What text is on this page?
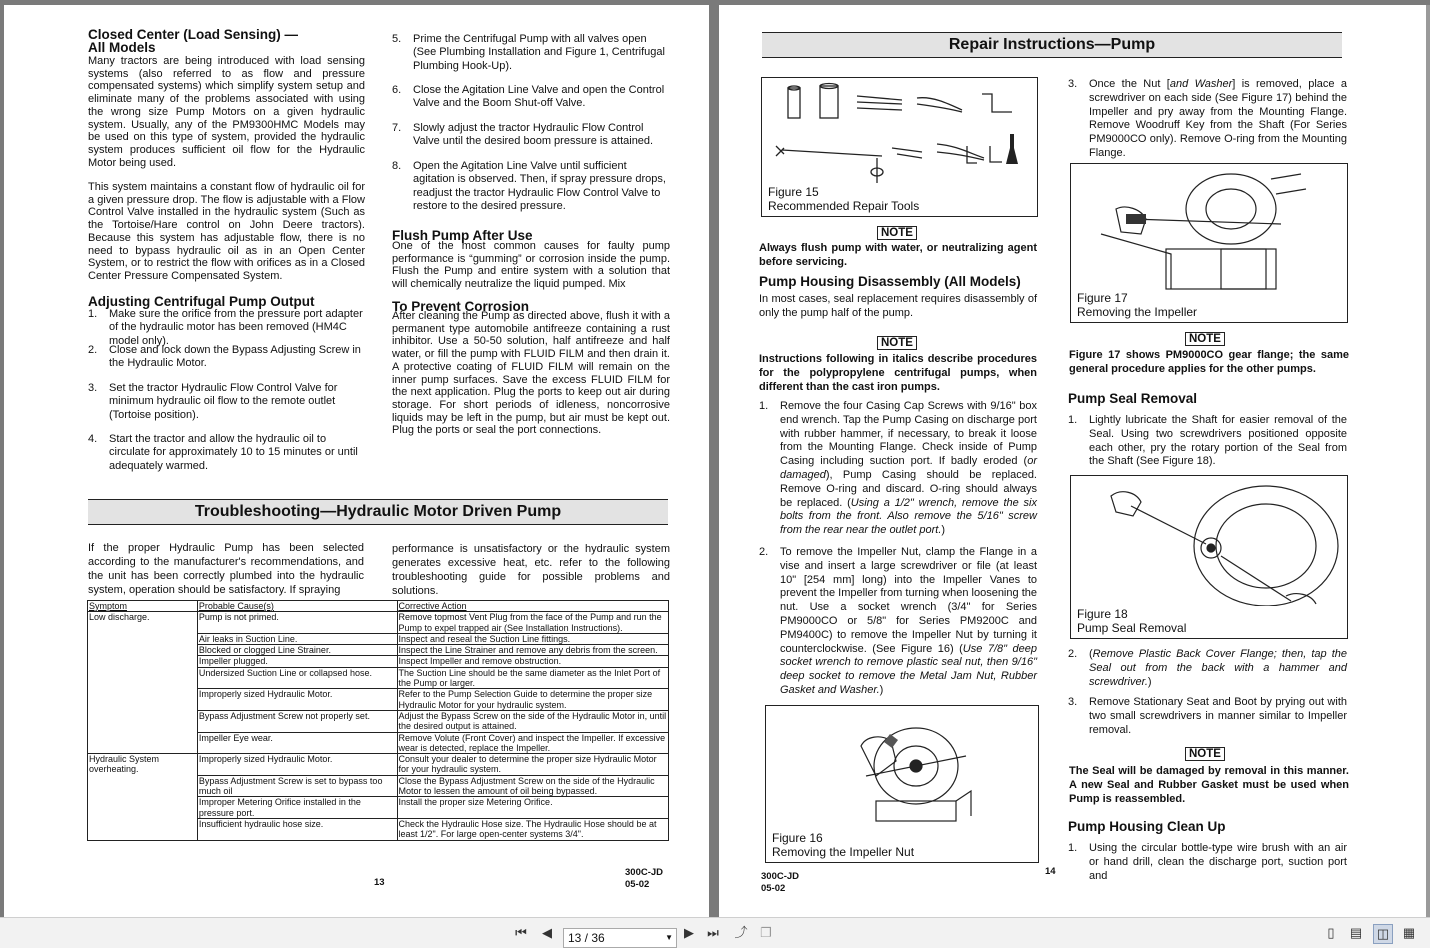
Closed Center (Load Sensing) — All Models

Many tractors are being introduced with load sensing systems (also referred to as flow and pressure compensated systems) which simplify system setup and eliminate many of the problems associated with using the wrong size Pump Motors on a given hydraulic system. Usually, any of the PM9300HMC Models may be used on this type of system, provided the hydraulic system produces sufficient oil flow for the Hydraulic Motor being used.

This system maintains a constant flow of hydraulic oil for a given pressure drop. The flow is adjustable with a Flow Control Valve installed in the hydraulic system (Such as the Tortoise/Hare control on John Deere tractors). Because this system has adjustable flow, there is no need to bypass hydraulic oil as in an Open Center System, or to restrict the flow with orifices as in a Closed Center Pressure Compensated System.

Adjusting Centrifugal Pump Output
1. Make sure the orifice from the pressure port adapter of the hydraulic motor has been removed (HM4C model only).
2. Close and lock down the Bypass Adjusting Screw in the Hydraulic Motor.
3. Set the tractor Hydraulic Flow Control Valve for minimum hydraulic oil flow to the remote outlet (Tortoise position).
4. Start the tractor and allow the hydraulic oil to circulate for approximately 10 to 15 minutes or until adequately warmed.
5. Prime the Centrifugal Pump with all valves open (See Plumbing Installation and Figure 1, Centrifugal Plumbing Hook-Up).
6. Close the Agitation Line Valve and open the Control Valve and the Boom Shut-off Valve.
7. Slowly adjust the tractor Hydraulic Flow Control Valve until the desired boom pressure is attained.
8. Open the Agitation Line Valve until sufficient agitation is observed. Then, if spray pressure drops, readjust the tractor Hydraulic Flow Control Valve to restore to the desired pressure.
Flush Pump After Use

One of the most common causes for faulty pump performance is “gumming” or corrosion inside the pump. Flush the Pump and entire system with a solution that will chemically neutralize the liquid pumped. Mix

To Prevent Corrosion

After cleaning the Pump as directed above, flush it with a permanent type automobile antifreeze containing a rust inhibitor. Use a 50-50 solution, half antifreeze and half water, or fill the pump with FLUID FILM and then drain it. A protective coating of FLUID FILM will remain on the inner pump surfaces. Save the excess FLUID FILM for the next application. Plug the ports to keep out air during storage. For short periods of idleness, noncorrosive liquids may be left in the pump, but air must be kept out. Plug the ports or seal the port connections.

Troubleshooting—Hydraulic Motor Driven Pump

If the proper Hydraulic Pump has been selected according to the manufacturer's recommendations, and the unit has been correctly plumbed into the hydraulic system, operation should be satisfactory. If spraying

performance is unsatisfactory or the hydraulic system generates excessive heat, etc. refer to the following troubleshooting guide for possible problems and solutions.

Symptom	Probable Cause(s)	Corrective Action
Low discharge.	Pump is not primed.	Remove topmost Vent Plug from the face of the Pump and run the Pump to expel trapped air (See Installation Instructions).
	Air leaks in Suction Line.	Inspect and reseal the Suction Line fittings.
	Blocked or clogged Line Strainer.	Inspect the Line Strainer and remove any debris from the screen.
	Impeller plugged.	Inspect Impeller and remove obstruction.
	Undersized Suction Line or collapsed hose.	The Suction Line should be the same diameter as the Inlet Port of the Pump or larger.
	Improperly sized Hydraulic Motor.	Refer to the Pump Selection Guide to determine the proper size Hydraulic Motor for your hydraulic system.
	Bypass Adjustment Screw not properly set.	Adjust the Bypass Screw on the side of the Hydraulic Motor in, until the desired output is attained.
	Impeller Eye wear.	Remove Volute (Front Cover) and inspect the Impeller. If excessive wear is detected, replace the Impeller.
Hydraulic System overheating.	Improperly sized Hydraulic Motor.	Consult your dealer to determine the proper size Hydraulic Motor for your hydraulic system.
	Bypass Adjustment Screw is set to bypass too much oil	Close the Bypass Adjustment Screw on the side of the Hydraulic Motor to lessen the amount of oil being bypassed.
	Improper Metering Orifice installed in the pressure port.	Install the proper size Metering Orifice.
	Insufficient hydraulic hose size.	Check the Hydraulic Hose size. The Hydraulic Hose should be at least 1/2". For large open-center systems 3/4".
13
300C-JD
05-02
Repair Instructions—Pump
Figure 15
Recommended Repair Tools
NOTE

Always flush pump with water, or neutralizing agent before servicing.

Pump Housing Disassembly (All Models)

In most cases, seal replacement requires disassembly of only the pump half of the pump.

NOTE

Instructions following in italics describe procedures for the polypropylene centrifugal pumps, when different than the cast iron pumps.

1. Remove the four Casing Cap Screws with 9/16" box end wrench. Tap the Pump Casing on discharge port with rubber hammer, if necessary, to break it loose from the Mounting Flange. Check inside of Pump Casing including suction port. If badly eroded (or damaged), Pump Casing should be replaced. Remove O-ring and discard. O-ring should always be replaced. (Using a 1/2" wrench, remove the six bolts from the front. Also remove the 5/16" screw from the rear near the outlet port.)
2. To remove the Impeller Nut, clamp the Flange in a vise and insert a large screwdriver or file (at least 10" [254 mm] long) into the Impeller Vanes to prevent the Impeller from turning when loosening the nut. Use a socket wrench (3/4" for Series PM9000CO or 5/8" for Series PM9200C and PM9400C) to remove the Impeller Nut by turning it counterclockwise. (See Figure 16) (Use 7/8" deep socket wrench to remove plastic seal nut, then 9/16" deep socket to remove the Metal Jam Nut, Rubber Gasket and Washer.)
Figure 16
Removing the Impeller Nut
300C-JD
05-02
14
3. Once the Nut [and Washer] is removed, place a screwdriver on each side (See Figure 17) behind the Impeller and pry away from the Mounting Flange. Remove Woodruff Key from the Shaft (For Series PM9000CO only). Remove O-ring from the Mounting Flange.
Figure 17
Removing the Impeller
NOTE

Figure 17 shows PM9000CO gear flange; the same general procedure applies for the other pumps.

Pump Seal Removal
1. Lightly lubricate the Shaft for easier removal of the Seal. Using two screwdrivers positioned opposite each other, pry the rotary portion of the Seal from the Shaft (See Figure 18).
Figure 18
Pump Seal Removal
2. (Remove Plastic Back Cover Flange; then, tap the Seal out from the back with a hammer and screwdriver.)
3. Remove Stationary Seat and Boot by prying out with two small screwdrivers in manner similar to Impeller removal.
NOTE

The Seal will be damaged by removal in this manner. A new Seal and Rubber Gasket must be used when Pump is reassembled.

Pump Housing Clean Up
1. Using the circular bottle-type wire brush with an air or hand drill, clean the discharge port, suction port and
⏮	◀	13 / 36	▼ ▶	⏭ ⤴ ❐	▯	▤ ◫ ▦
